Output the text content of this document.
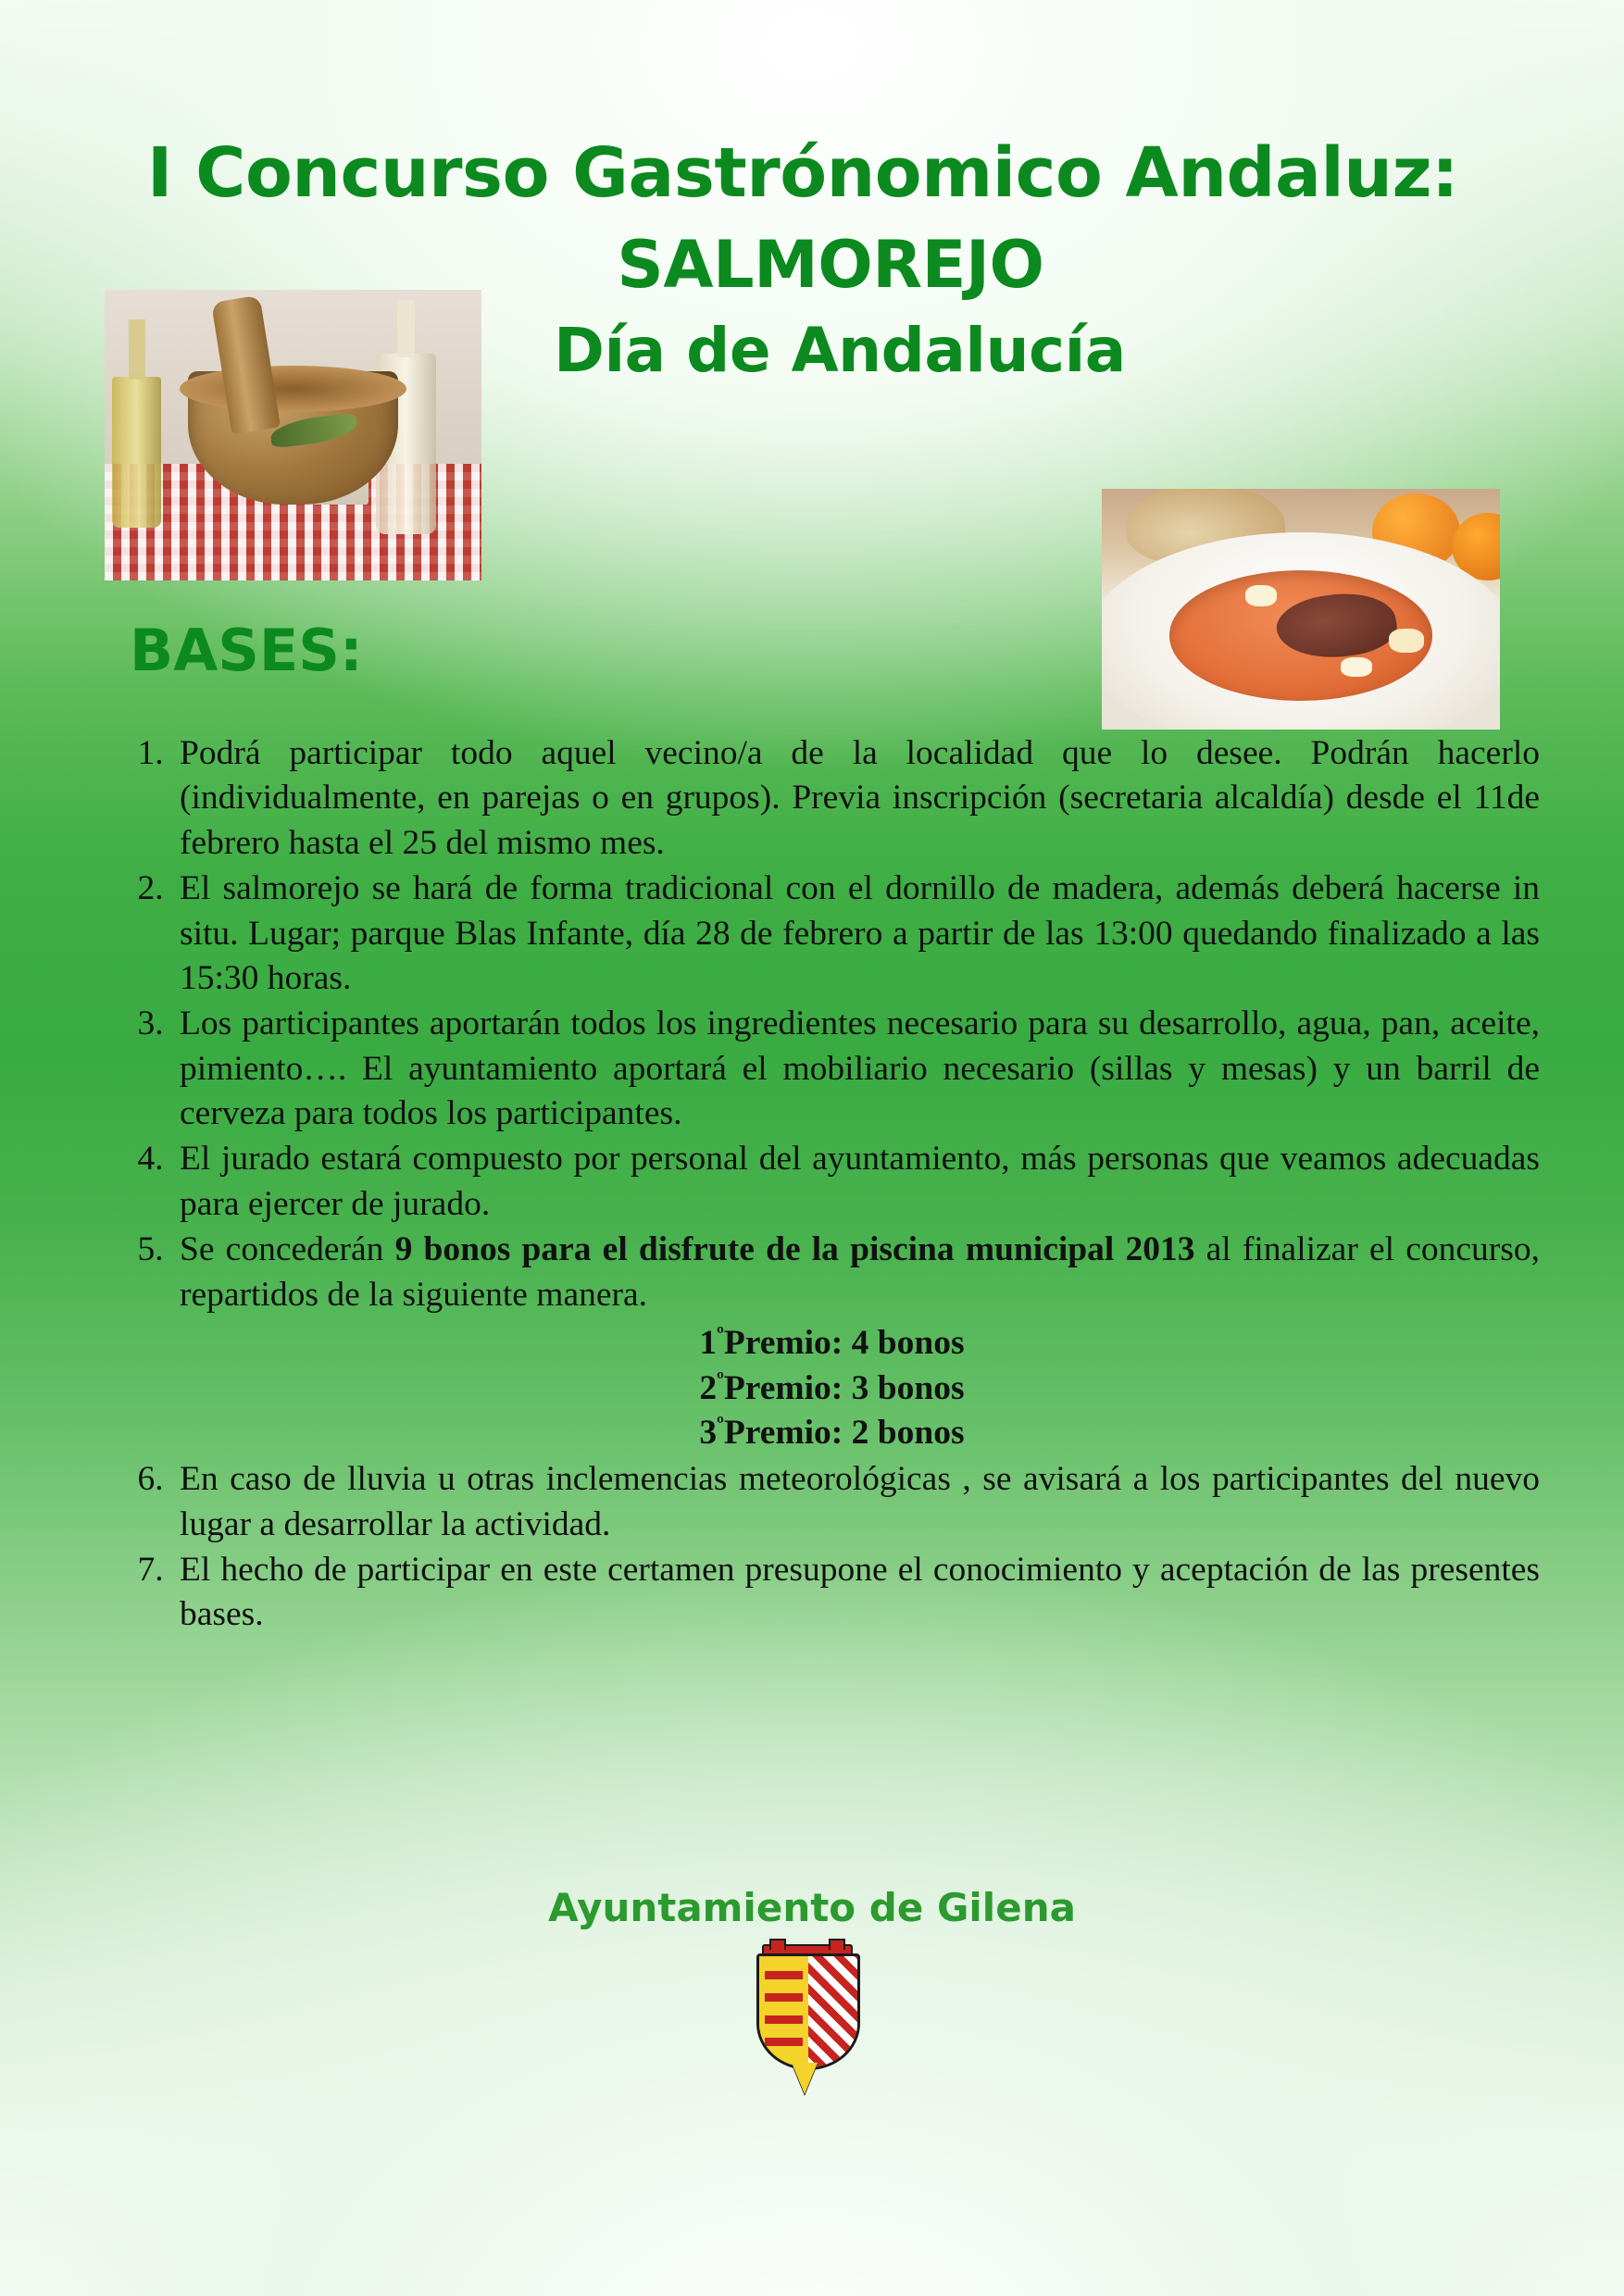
I Concurso Gastrónomico Andaluz:
SALMOREJO
Día de Andalucía
BASES:
1. Podrá participar todo aquel vecino/a de la localidad que lo desee. Podrán hacerlo (individualmente, en parejas o en grupos). Previa inscripción (secretaria alcaldía) desde el 11de febrero hasta el 25 del mismo mes.
2. El salmorejo se hará de forma tradicional con el dornillo de madera, además deberá hacerse in situ. Lugar; parque Blas Infante, día 28 de febrero a partir de las 13:00 quedando finalizado a las 15:30 horas.
3. Los participantes aportarán todos los ingredientes necesario para su desarrollo, agua, pan, aceite, pimiento…. El ayuntamiento aportará el mobiliario necesario (sillas y mesas) y un barril de cerveza para todos los participantes.
4. El jurado estará compuesto por personal del ayuntamiento, más personas que veamos adecuadas para ejercer de jurado.
5. Se concederán 9 bonos para el disfrute de la piscina municipal 2013 al finalizar el concurso, repartidos de la siguiente manera.
$1^ºPremio$: 4 bonos
$2^ºPremio$: 3 bonos
$3^ºPremio$: 2 bonos
6. En caso de lluvia u otras inclemencias meteorológicas , se avisará a los participantes del nuevo lugar a desarrollar la actividad.
7. El hecho de participar en este certamen presupone el conocimiento y aceptación de las presentes bases.
Ayuntamiento de Gilena
